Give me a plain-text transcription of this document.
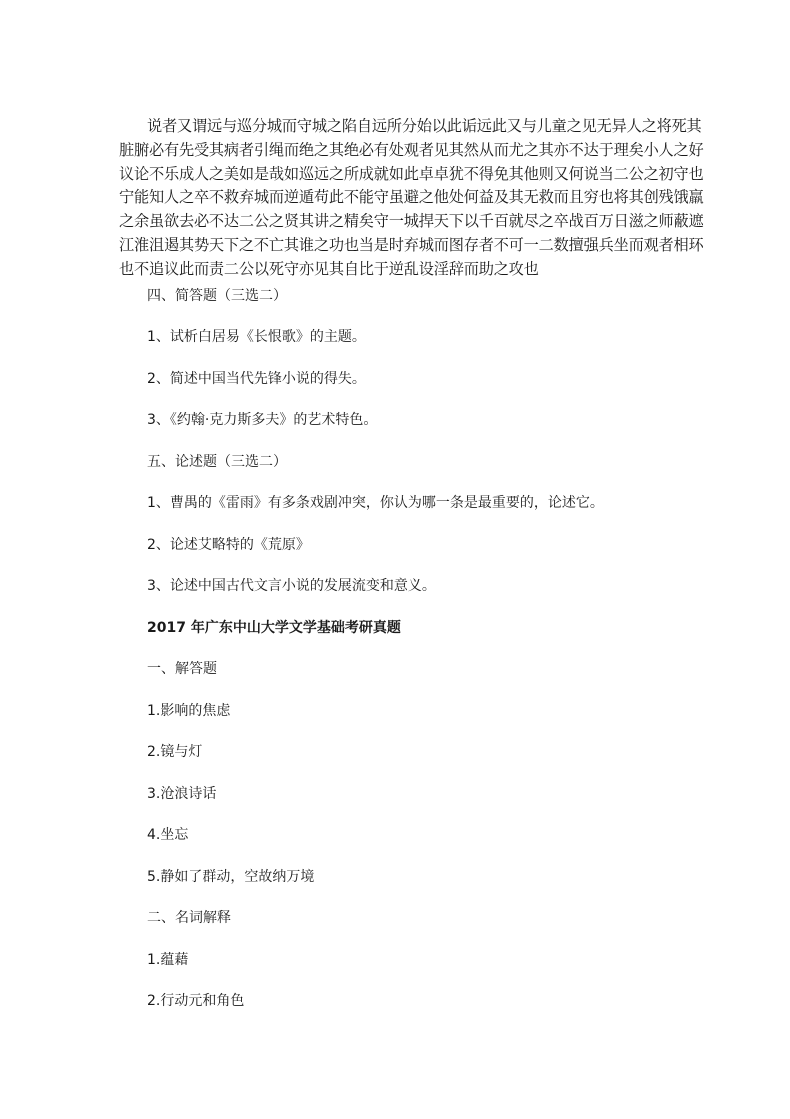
说者又谓远与巡分城而守城之陷自远所分始以此诟远此又与儿童之见无异人之将死其
脏腑必有先受其病者引绳而绝之其绝必有处观者见其然从而尤之其亦不达于理矣小人之好
议论不乐成人之美如是哉如巡远之所成就如此卓卓犹不得免其他则又何说当二公之初守也
宁能知人之卒不救弃城而逆遁苟此不能守虽避之他处何益及其无救而且穷也将其创残饿羸
之余虽欲去必不达二公之贤其讲之精矣守一城捍天下以千百就尽之卒战百万日滋之师蔽遮
江淮沮遏其势天下之不亡其谁之功也当是时弃城而图存者不可一二数擅强兵坐而观者相环
也不追议此而责二公以死守亦见其自比于逆乱设淫辞而助之攻也

四、简答题（三选二）

1、试析白居易《长恨歌》的主题。

2、简述中国当代先锋小说的得失。

3、《约翰·克力斯多夫》的艺术特色。

五、论述题（三选二）

1、曹禺的《雷雨》有多条戏剧冲突，你认为哪一条是最重要的，论述它。

2、论述艾略特的《荒原》

3、论述中国古代文言小说的发展流变和意义。

2017 年广东中山大学文学基础考研真题

一、解答题

1.影响的焦虑

2.镜与灯

3.沧浪诗话

4.坐忘

5.静如了群动，空故纳万境

二、名词解释

1.蕴藉

2.行动元和角色
